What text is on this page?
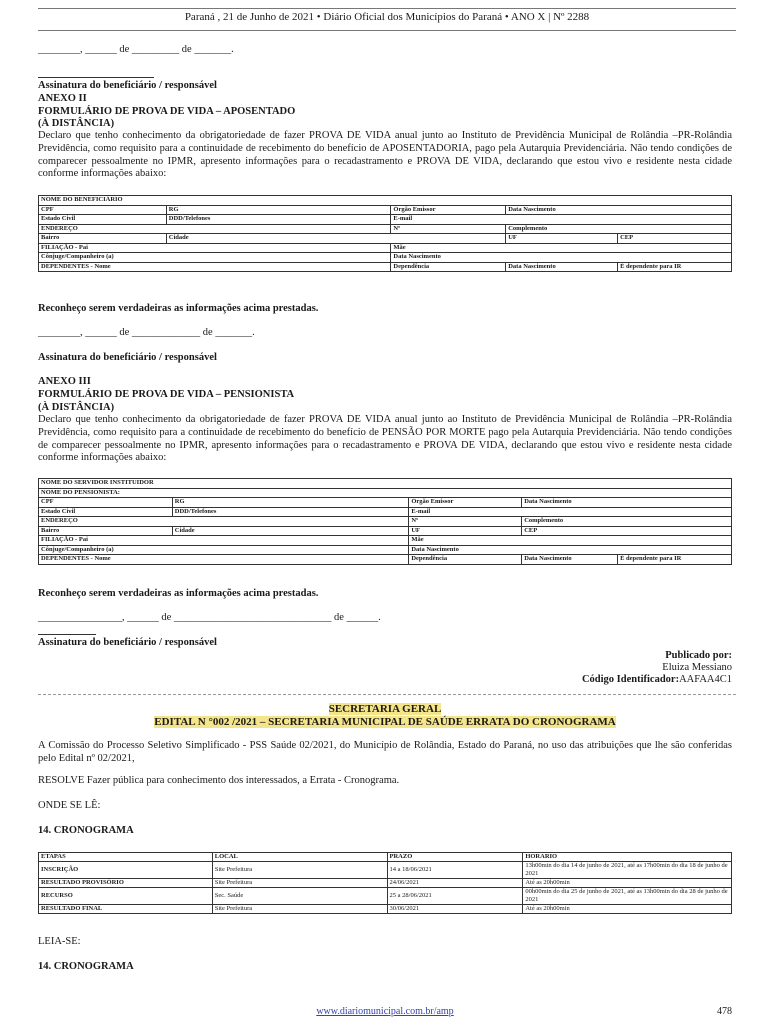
Paraná , 21 de Junho de 2021 • Diário Oficial dos Municípios do Paraná • ANO X | Nº 2288
________, ______ de _________ de _______.
Assinatura do beneficiário / responsável
ANEXO II
FORMULÁRIO DE PROVA DE VIDA – APOSENTADO
(À DISTÂNCIA)
Declaro que tenho conhecimento da obrigatoriedade de fazer PROVA DE VIDA anual junto ao Instituto de Previdência Municipal de Rolândia –PR-Rolândia Previdência, como requisito para a continuidade de recebimento do benefício de APOSENTADORIA, pago pela Autarquia Previdenciária. Não tendo condições de comparecer pessoalmente no IPMR, apresento informações para o recadastramento e PROVA DE VIDA, declarando que estou vivo e residente nesta cidade conforme informações abaixo:
NOME DO BENEFICIÁRIO				
CPF	RG	Órgão Emissor	Data Nascimento	
Estado Civil	DDD/Telefones	E-mail		
ENDEREÇO		Nº	Complemento	
Bairro	Cidade		UF	CEP
FILIAÇÃO - Pai		Mãe		
Cônjuge/Companheiro (a)		Data Nascimento		
DEPENDENTES - Nome		Dependência	Data Nascimento	É dependente para IR
Reconheço serem verdadeiras as informações acima prestadas.
________, ______ de _____________ de _______.
Assinatura do beneficiário / responsável
ANEXO III
FORMULÁRIO DE PROVA DE VIDA – PENSIONISTA
(À DISTÂNCIA)
Declaro que tenho conhecimento da obrigatoriedade de fazer PROVA DE VIDA anual junto ao Instituto de Previdência Municipal de Rolândia –PR-Rolândia Previdência, como requisito para a continuidade de recebimento do benefício de PENSÃO POR MORTE pago pela Autarquia Previdenciária. Não tendo condições de comparecer pessoalmente no IPMR, apresento informações para o recadastramento e PROVA DE VIDA, declarando que estou vivo e residente nesta cidade conforme informações abaixo:
NOME DO SERVIDOR INSTITUIDOR				
NOME DO PENSIONISTA:				
CPF	RG	Órgão Emissor	Data Nascimento	
Estado Civil	DDD/Telefones	E-mail		
ENDEREÇO		Nº	Complemento	
Bairro	Cidade	UF	CEP	
FILIAÇÃO - Pai		Mãe		
Cônjuge/Companheiro (a)		Data Nascimento		
DEPENDENTES - Nome		Dependência	Data Nascimento	É dependente para IR
Reconheço serem verdadeiras as informações acima prestadas.
________________, ______ de ______________________________ de ______.
Assinatura do beneficiário / responsável
Publicado por:
Eluiza Messiano
Código Identificador:AAFAA4C1
SECRETARIA GERAL
EDITAL N °002 /2021 – SECRETARIA MUNICIPAL DE SAÚDE ERRATA DO CRONOGRAMA
A Comissão do Processo Seletivo Simplificado - PSS Saúde 02/2021, do Município de Rolândia, Estado do Paraná, no uso das atribuições que lhe são conferidas pelo Edital nº 02/2021,
RESOLVE Fazer pública para conhecimento dos interessados, a Errata - Cronograma.
ONDE SE LÊ:
14. CRONOGRAMA
ETAPAS	LOCAL	PRAZO	HORARIO
INSCRIÇÃO	Site Prefeitura	14 a 18/06/2021	13h00min do dia 14 de junho de 2021, até as 17h00min do dia 18 de junho de 2021
RESULTADO PROVISÓRIO	Site Prefeitura	24/06/2021	Até as 20h00min
RECURSO	Sec. Saúde	25 a 28/06/2021	00h00min do dia 25 de junho de 2021, até as 13h00min do dia 28 de junho de 2021
RESULTADO FINAL	Site Prefeitura	30/06/2021	Até as 20h00min
LEIA-SE:
14. CRONOGRAMA
www.diariomunicipal.com.br/amp	478
